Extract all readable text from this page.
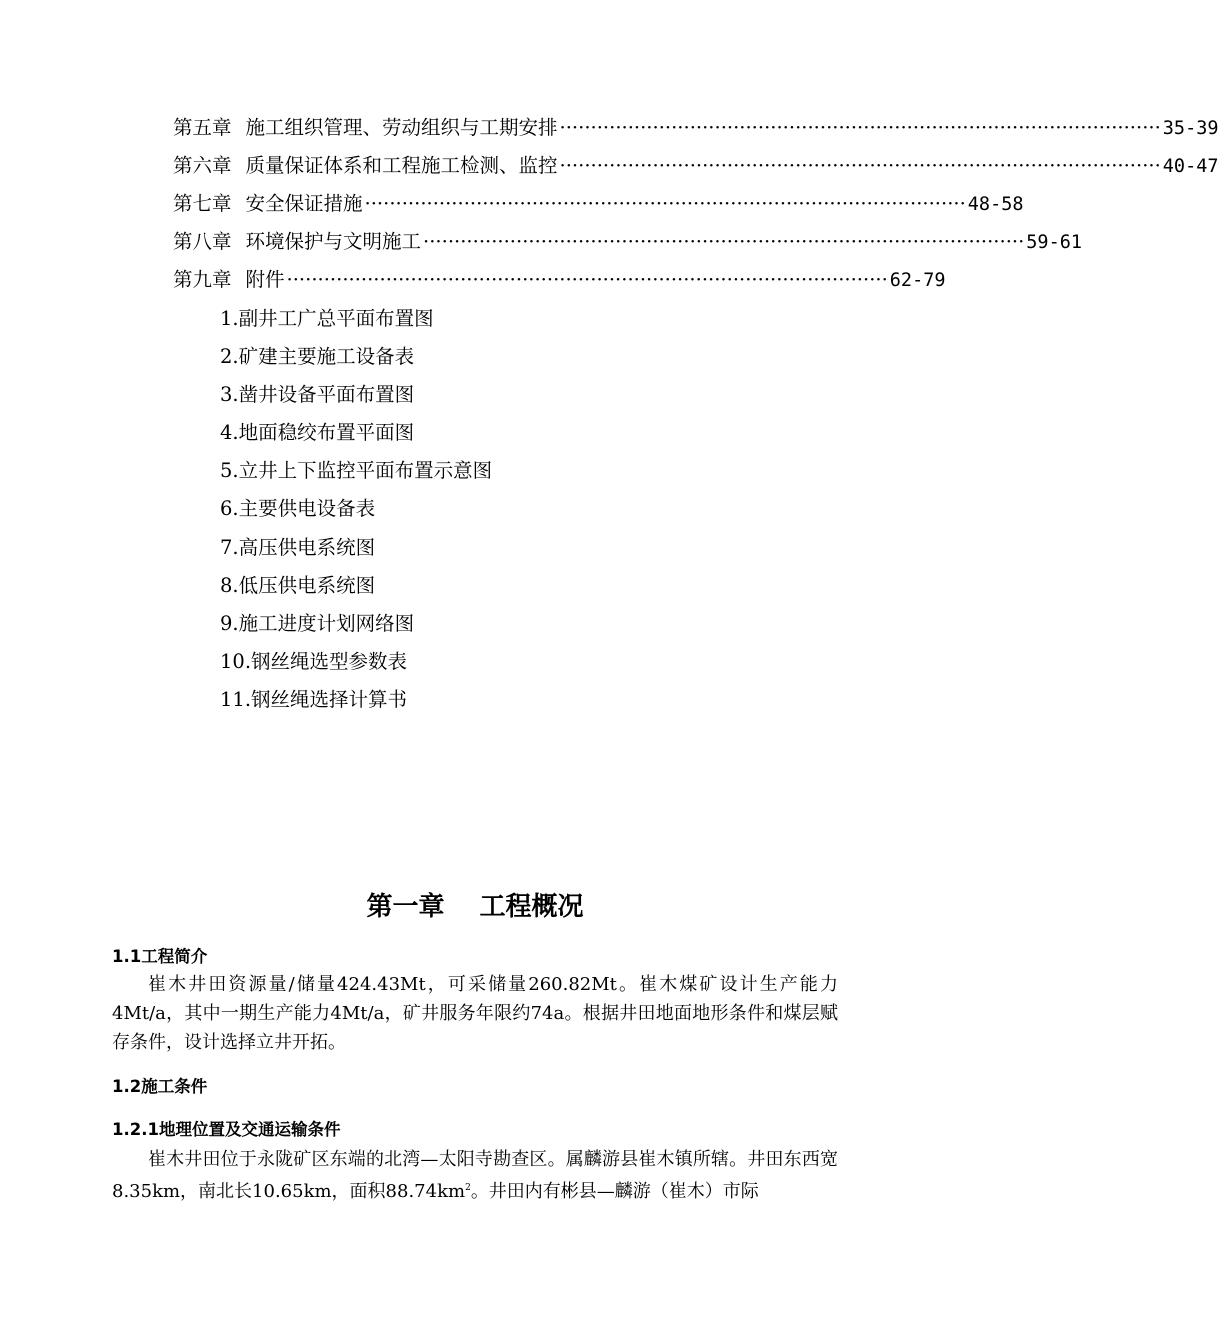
第五章 施工组织管理、劳动组织与工期安排 ································································································· 35-39
第六章 质量保证体系和工程施工检测、监控 ································································································· 40-47
第七章 安全保证措施 ································································································· 48-58
第八章 环境保护与文明施工 ································································································· 59-61
第九章 附件 ································································································· 62-79
1.副井工广总平面布置图
2.矿建主要施工设备表
3.凿井设备平面布置图
4.地面稳绞布置平面图
5.立井上下监控平面布置示意图
6.主要供电设备表
7.高压供电系统图
8.低压供电系统图
9.施工进度计划网络图
10.钢丝绳选型参数表
11.钢丝绳选择计算书
第一章　 工程概况
1.1工程简介
崔木井田资源量/储量424.43Mt，可采储量260.82Mt。崔木煤矿设计生产能力4Mt/a，其中一期生产能力4Mt/a，矿井服务年限约74a。根据井田地面地形条件和煤层赋存条件，设计选择立井开拓。
1.2施工条件
1.2.1地理位置及交通运输条件
崔木井田位于永陇矿区东端的北湾—太阳寺勘查区。属麟游县崔木镇所辖。井田东西宽8.35km，南北长10.65km，面积$88.74km^2$。井田内有彬县—麟游（崔木）市际
